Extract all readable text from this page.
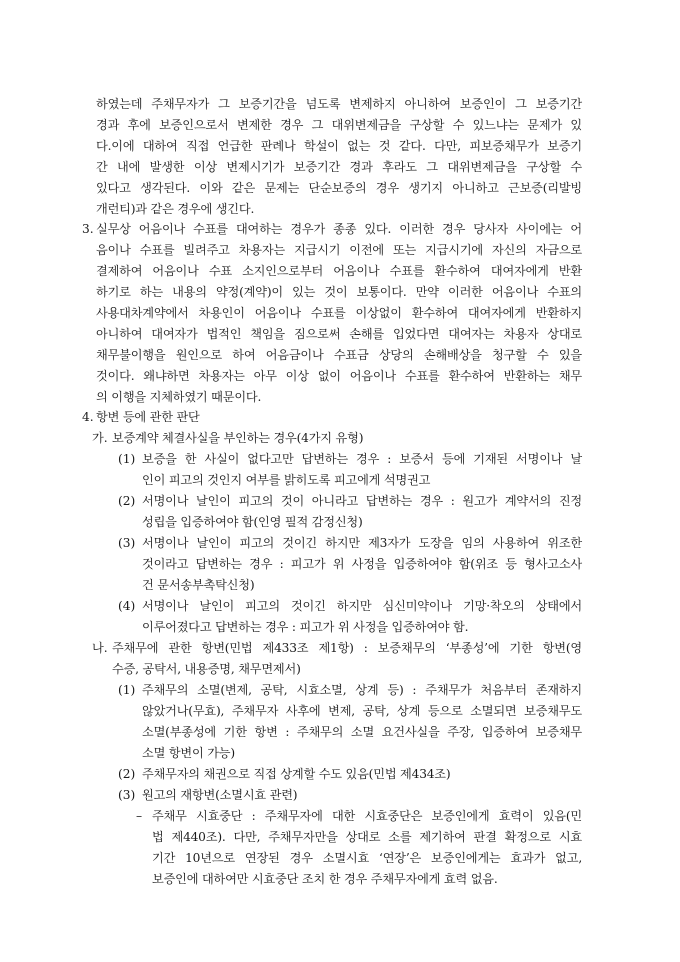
하였는데 주채무자가 그 보증기간을 넘도록 변제하지 아니하여 보증인이 그 보증기간
경과 후에 보증인으로서 변제한 경우 그 대위변제금을 구상할 수 있느냐는 문제가 있
다.이에 대하여 직접 언급한 판례나 학설이 없는 것 같다. 다만, 피보증채무가 보증기
간 내에 발생한 이상 변제시기가 보증기간 경과 후라도 그 대위변제금을 구상할 수
있다고 생각된다. 이와 같은 문제는 단순보증의 경우 생기지 아니하고 근보증(리발빙
개런티)과 같은 경우에 생긴다.
3. 실무상 어음이나 수표를 대여하는 경우가 종종 있다. 이러한 경우 당사자 사이에는 어
음이나 수표를 빌려주고 차용자는 지급시기 이전에 또는 지급시기에 자신의 자금으로
결제하여 어음이나 수표 소지인으로부터 어음이나 수표를 환수하여 대여자에게 반환
하기로 하는 내용의 약정(계약)이 있는 것이 보통이다. 만약 이러한 어음이나 수표의
사용대차계약에서 차용인이 어음이나 수표를 이상없이 환수하여 대여자에게 반환하지
아니하여 대여자가 법적인 책임을 짐으로써 손해를 입었다면 대여자는 차용자 상대로
채무불이행을 원인으로 하여 어음금이나 수표금 상당의 손해배상을 청구할 수 있을
것이다. 왜냐하면 차용자는 아무 이상 없이 어음이나 수표를 환수하여 반환하는 채무
의 이행을 지체하였기 때문이다.
4. 항변 등에 관한 판단
가. 보증계약 체결사실을 부인하는 경우(4가지 유형)
(1) 보증을 한 사실이 없다고만 답변하는 경우 : 보증서 등에 기재된 서명이나 날
인이 피고의 것인지 여부를 밝히도록 피고에게 석명권고
(2) 서명이나 날인이 피고의 것이 아니라고 답변하는 경우 : 원고가 계약서의 진정
성립을 입증하여야 함(인영 필적 감정신청)
(3) 서명이나 날인이 피고의 것이긴 하지만 제3자가 도장을 임의 사용하여 위조한
것이라고 답변하는 경우 : 피고가 위 사정을 입증하여야 함(위조 등 형사고소사
건 문서송부촉탁신청)
(4) 서명이나 날인이 피고의 것이긴 하지만 심신미약이나 기망·착오의 상태에서
이루어졌다고 답변하는 경우 : 피고가 위 사정을 입증하여야 함.
나. 주채무에 관한 항변(민법 제433조 제1항) : 보증채무의 ‘부종성’에 기한 항변(영
수증, 공탁서, 내용증명, 채무면제서)
(1) 주채무의 소멸(변제, 공탁, 시효소멸, 상계 등) : 주채무가 처음부터 존재하지
않았거나(무효), 주채무자 사후에 변제, 공탁, 상계 등으로 소멸되면 보증채무도
소멸(부종성에 기한 항변 : 주채무의 소멸 요건사실을 주장, 입증하여 보증채무
소멸 항변이 가능)
(2) 주채무자의 채권으로 직접 상계할 수도 있음(민법 제434조)
(3) 원고의 재항변(소멸시효 관련)
– 주채무 시효중단 : 주채무자에 대한 시효중단은 보증인에게 효력이 있음(민
법 제440조). 다만, 주채무자만을 상대로 소를 제기하여 판결 확정으로 시효
기간 10년으로 연장된 경우 소멸시효 ‘연장’은 보증인에게는 효과가 없고,
보증인에 대하여만 시효중단 조치 한 경우 주채무자에게 효력 없음.
